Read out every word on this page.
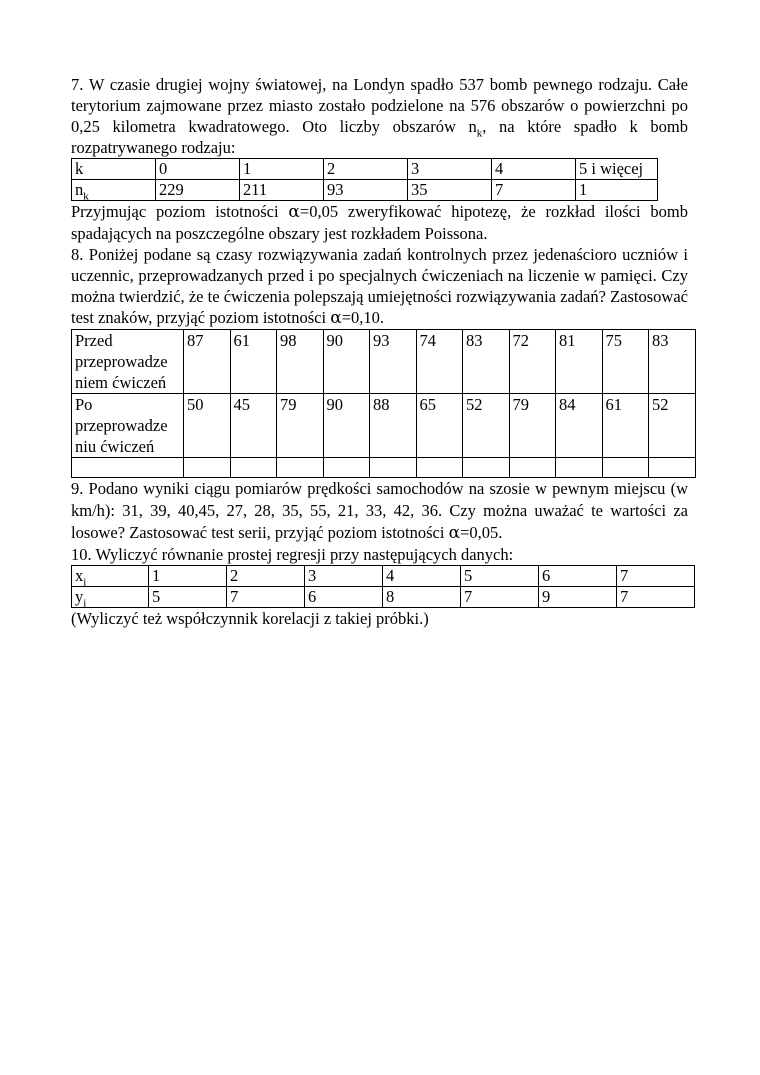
7. W czasie drugiej wojny światowej, na Londyn spadło 537 bomb pewnego rodzaju. Całe terytorium zajmowane przez miasto zostało podzielone na 576 obszarów o powierzchni po 0,25 kilometra kwadratowego. Oto liczby obszarów $n_k$, na które spadło k bomb rozpatrywanego rodzaju:

k	0	1	2	3	4	5 i więcej
$n_k$	229	211	93	35	7	1

Przyjmując poziom istotności α=0,05 zweryfikować hipotezę, że rozkład ilości bomb spadających na poszczególne obszary jest rozkładem Poissona.

8. Poniżej podane są czasy rozwiązywania zadań kontrolnych przez jedenaściorо uczniów i uczennic, przeprowadzanych przed i po specjalnych ćwiczeniach na liczenie w pamięci. Czy można twierdzić, że te ćwiczenia polepszają umiejętności rozwiązywania zadań? Zastosować test znaków, przyjąć poziom istotności α=0,10.

Przed przeprowadze niem ćwiczeń	87	61	98	90	93	74	83	72	81	75	83
Po przeprowadze niu ćwiczeń	50	45	79	90	88	65	52	79	84	61	52

9. Podano wyniki ciągu pomiarów prędkości samochodów na szosie w pewnym miejscu (w km/h): 31, 39, 40,45, 27, 28, 35, 55, 21, 33, 42, 36. Czy można uważać te wartości za losowe? Zastosować test serii, przyjąć poziom istotności α=0,05.

10. Wyliczyć równanie prostej regresji przy następujących danych:

$x_i$	1	2	3	4	5	6	7
$y_i$	5	7	6	8	7	9	7

(Wyliczyć też współczynnik korelacji z takiej próbki.)
